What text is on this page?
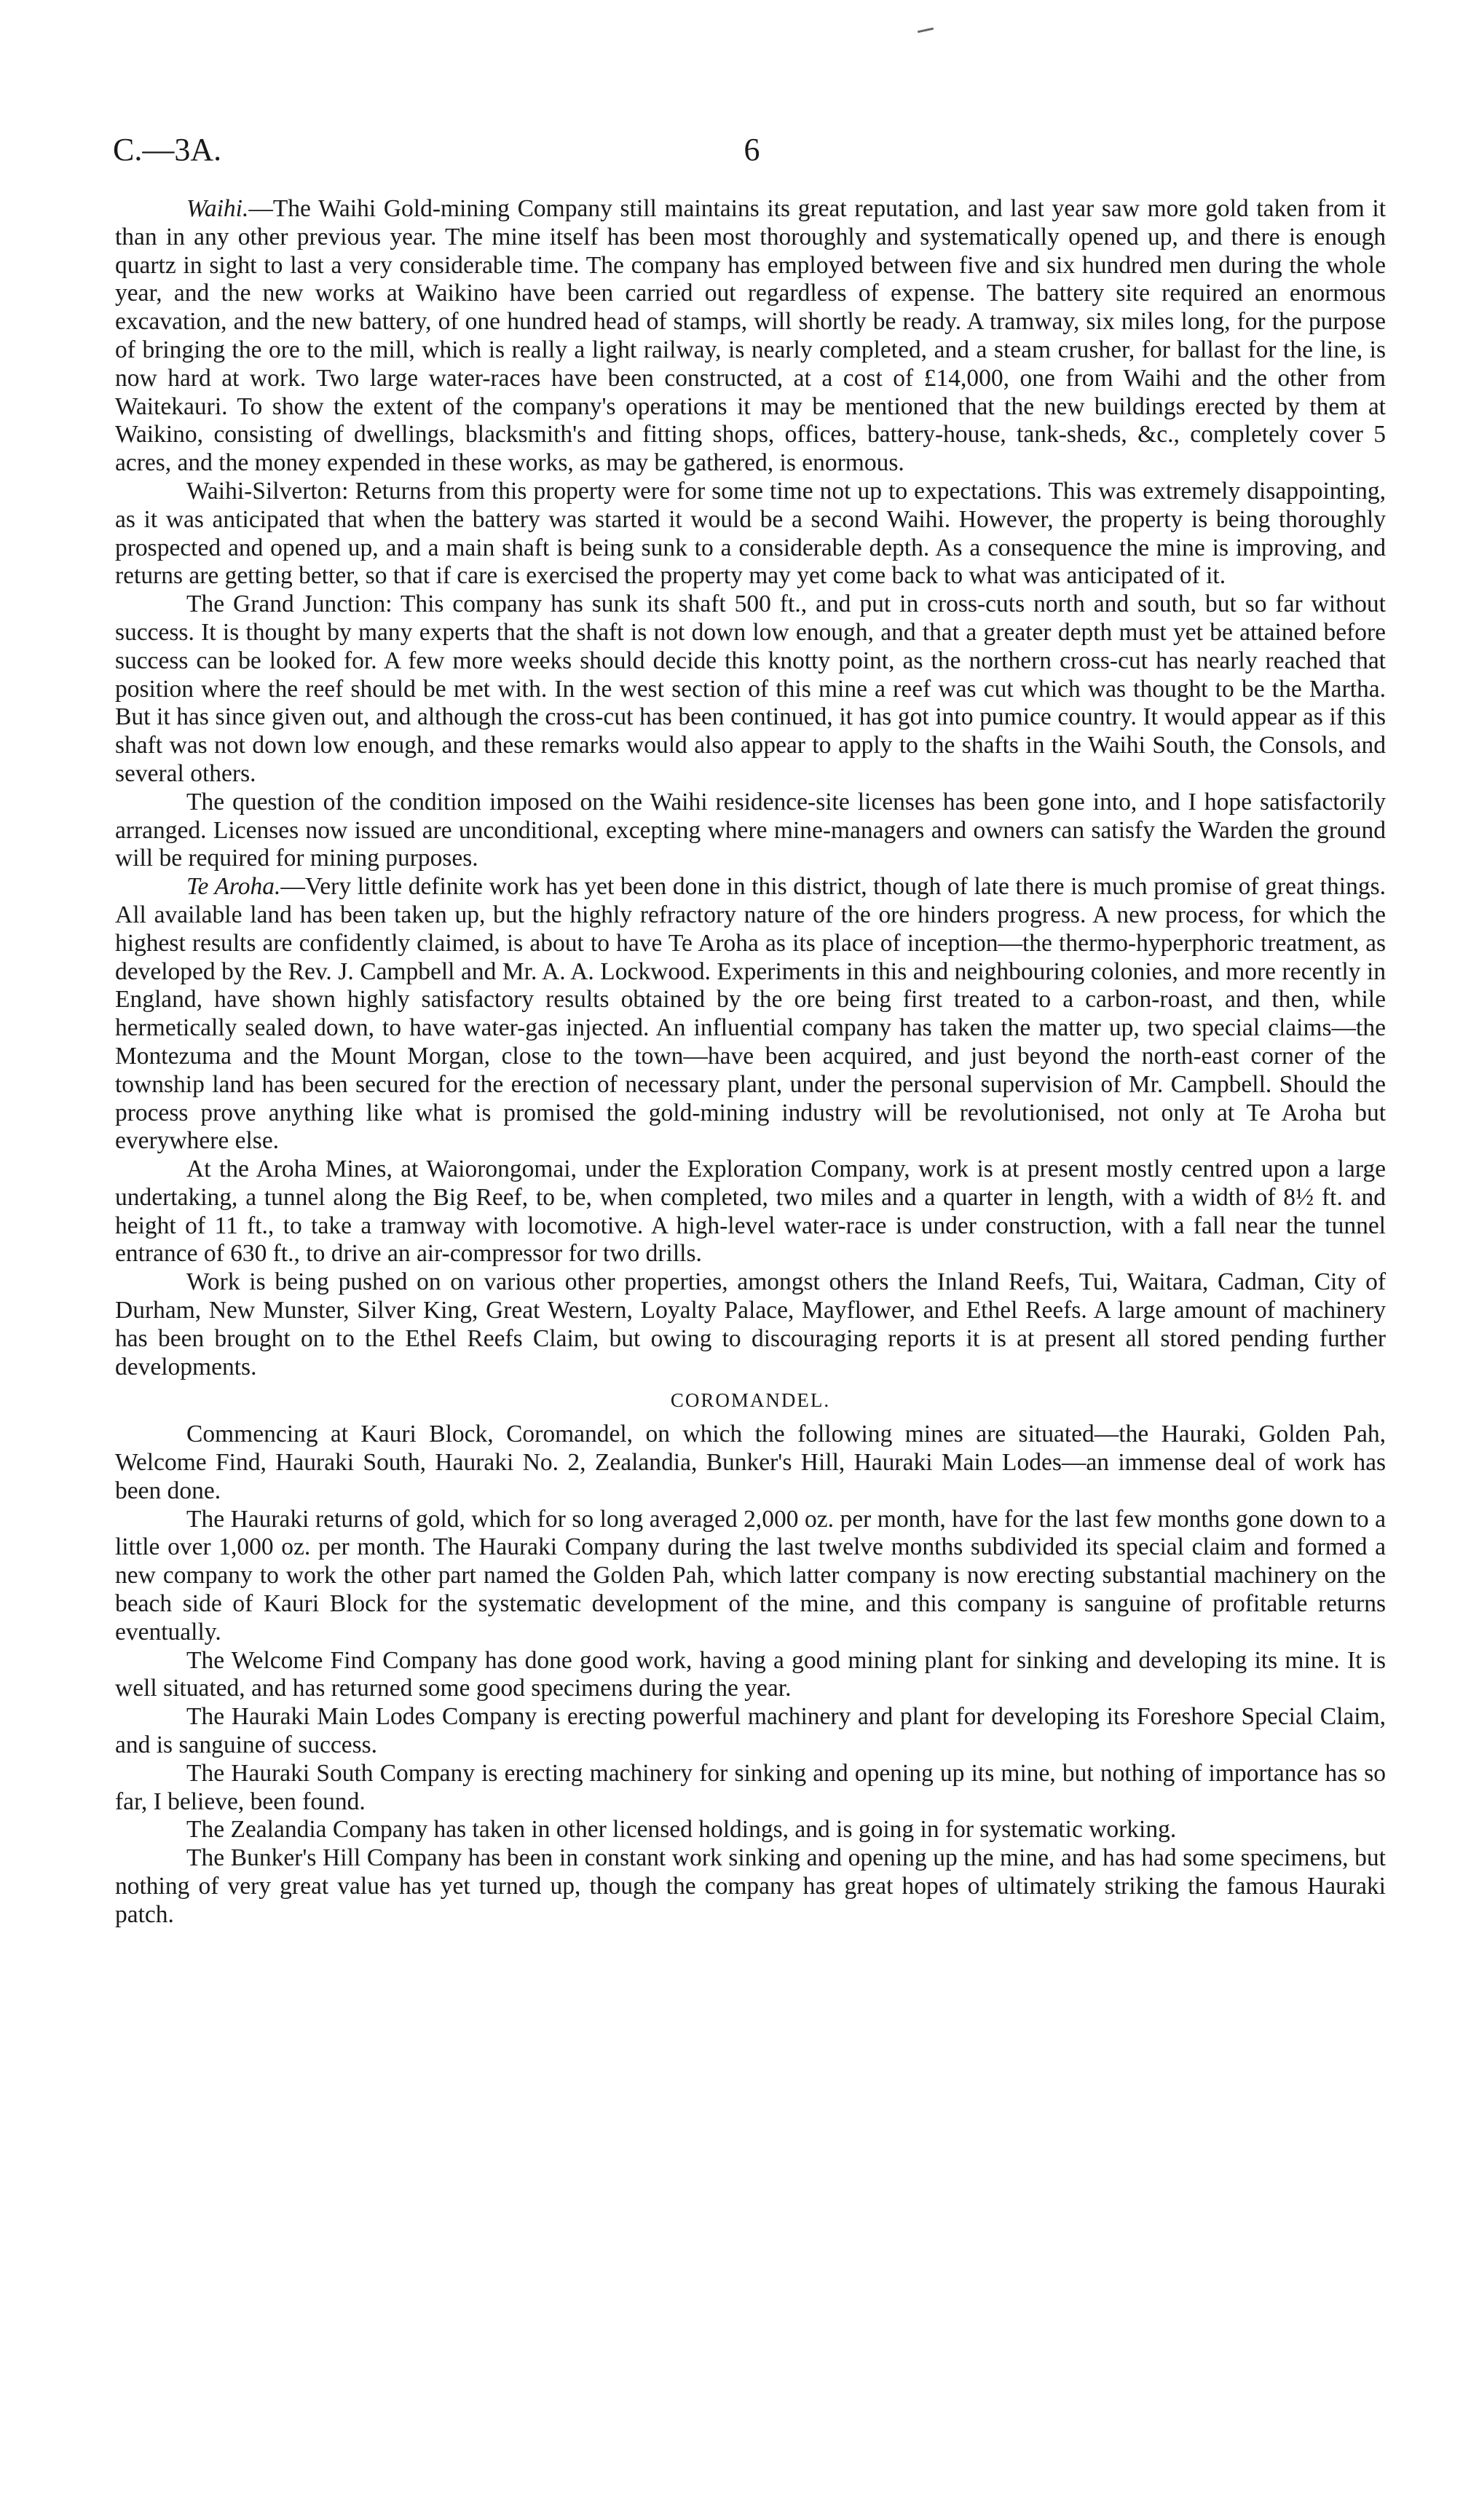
C.—3A.	6

Waihi.—The Waihi Gold-mining Company still maintains its great reputation, and last year saw more gold taken from it than in any other previous year. The mine itself has been most thoroughly and systematically opened up, and there is enough quartz in sight to last a very considerable time. The company has employed between five and six hundred men during the whole year, and the new works at Waikino have been carried out regardless of expense. The battery site required an enormous excavation, and the new battery, of one hundred head of stamps, will shortly be ready. A tramway, six miles long, for the purpose of bringing the ore to the mill, which is really a light railway, is nearly completed, and a steam crusher, for ballast for the line, is now hard at work. Two large water-races have been constructed, at a cost of £14,000, one from Waihi and the other from Waitekauri. To show the extent of the company's operations it may be mentioned that the new buildings erected by them at Waikino, consisting of dwellings, blacksmith's and fitting shops, offices, battery-house, tank-sheds, &c., completely cover 5 acres, and the money expended in these works, as may be gathered, is enormous.

Waihi-Silverton: Returns from this property were for some time not up to expectations. This was extremely disappointing, as it was anticipated that when the battery was started it would be a second Waihi. However, the property is being thoroughly prospected and opened up, and a main shaft is being sunk to a considerable depth. As a consequence the mine is improving, and returns are getting better, so that if care is exercised the property may yet come back to what was anticipated of it.

The Grand Junction: This company has sunk its shaft 500 ft., and put in cross-cuts north and south, but so far without success. It is thought by many experts that the shaft is not down low enough, and that a greater depth must yet be attained before success can be looked for. A few more weeks should decide this knotty point, as the northern cross-cut has nearly reached that position where the reef should be met with. In the west section of this mine a reef was cut which was thought to be the Martha. But it has since given out, and although the cross-cut has been continued, it has got into pumice country. It would appear as if this shaft was not down low enough, and these remarks would also appear to apply to the shafts in the Waihi South, the Consols, and several others.

The question of the condition imposed on the Waihi residence-site licenses has been gone into, and I hope satisfactorily arranged. Licenses now issued are unconditional, excepting where mine-managers and owners can satisfy the Warden the ground will be required for mining purposes.

Te Aroha.—Very little definite work has yet been done in this district, though of late there is much promise of great things. All available land has been taken up, but the highly refractory nature of the ore hinders progress. A new process, for which the highest results are confidently claimed, is about to have Te Aroha as its place of inception—the thermo-hyperphoric treatment, as developed by the Rev. J. Campbell and Mr. A. A. Lockwood. Experiments in this and neighbouring colonies, and more recently in England, have shown highly satisfactory results obtained by the ore being first treated to a carbon-roast, and then, while hermetically sealed down, to have water-gas injected. An influential company has taken the matter up, two special claims—the Montezuma and the Mount Morgan, close to the town—have been acquired, and just beyond the north-east corner of the township land has been secured for the erection of necessary plant, under the personal supervision of Mr. Campbell. Should the process prove anything like what is promised the gold-mining industry will be revolutionised, not only at Te Aroha but everywhere else.

At the Aroha Mines, at Waiorongomai, under the Exploration Company, work is at present mostly centred upon a large undertaking, a tunnel along the Big Reef, to be, when completed, two miles and a quarter in length, with a width of 8½ ft. and height of 11 ft., to take a tramway with locomotive. A high-level water-race is under construction, with a fall near the tunnel entrance of 630 ft., to drive an air-compressor for two drills.

Work is being pushed on on various other properties, amongst others the Inland Reefs, Tui, Waitara, Cadman, City of Durham, New Munster, Silver King, Great Western, Loyalty Palace, Mayflower, and Ethel Reefs. A large amount of machinery has been brought on to the Ethel Reefs Claim, but owing to discouraging reports it is at present all stored pending further developments.

COROMANDEL.

Commencing at Kauri Block, Coromandel, on which the following mines are situated—the Hauraki, Golden Pah, Welcome Find, Hauraki South, Hauraki No. 2, Zealandia, Bunker's Hill, Hauraki Main Lodes—an immense deal of work has been done.

The Hauraki returns of gold, which for so long averaged 2,000 oz. per month, have for the last few months gone down to a little over 1,000 oz. per month. The Hauraki Company during the last twelve months subdivided its special claim and formed a new company to work the other part named the Golden Pah, which latter company is now erecting substantial machinery on the beach side of Kauri Block for the systematic development of the mine, and this company is sanguine of profitable returns eventually.

The Welcome Find Company has done good work, having a good mining plant for sinking and developing its mine. It is well situated, and has returned some good specimens during the year.

The Hauraki Main Lodes Company is erecting powerful machinery and plant for developing its Foreshore Special Claim, and is sanguine of success.

The Hauraki South Company is erecting machinery for sinking and opening up its mine, but nothing of importance has so far, I believe, been found.

The Zealandia Company has taken in other licensed holdings, and is going in for systematic working.

The Bunker's Hill Company has been in constant work sinking and opening up the mine, and has had some specimens, but nothing of very great value has yet turned up, though the company has great hopes of ultimately striking the famous Hauraki patch.
